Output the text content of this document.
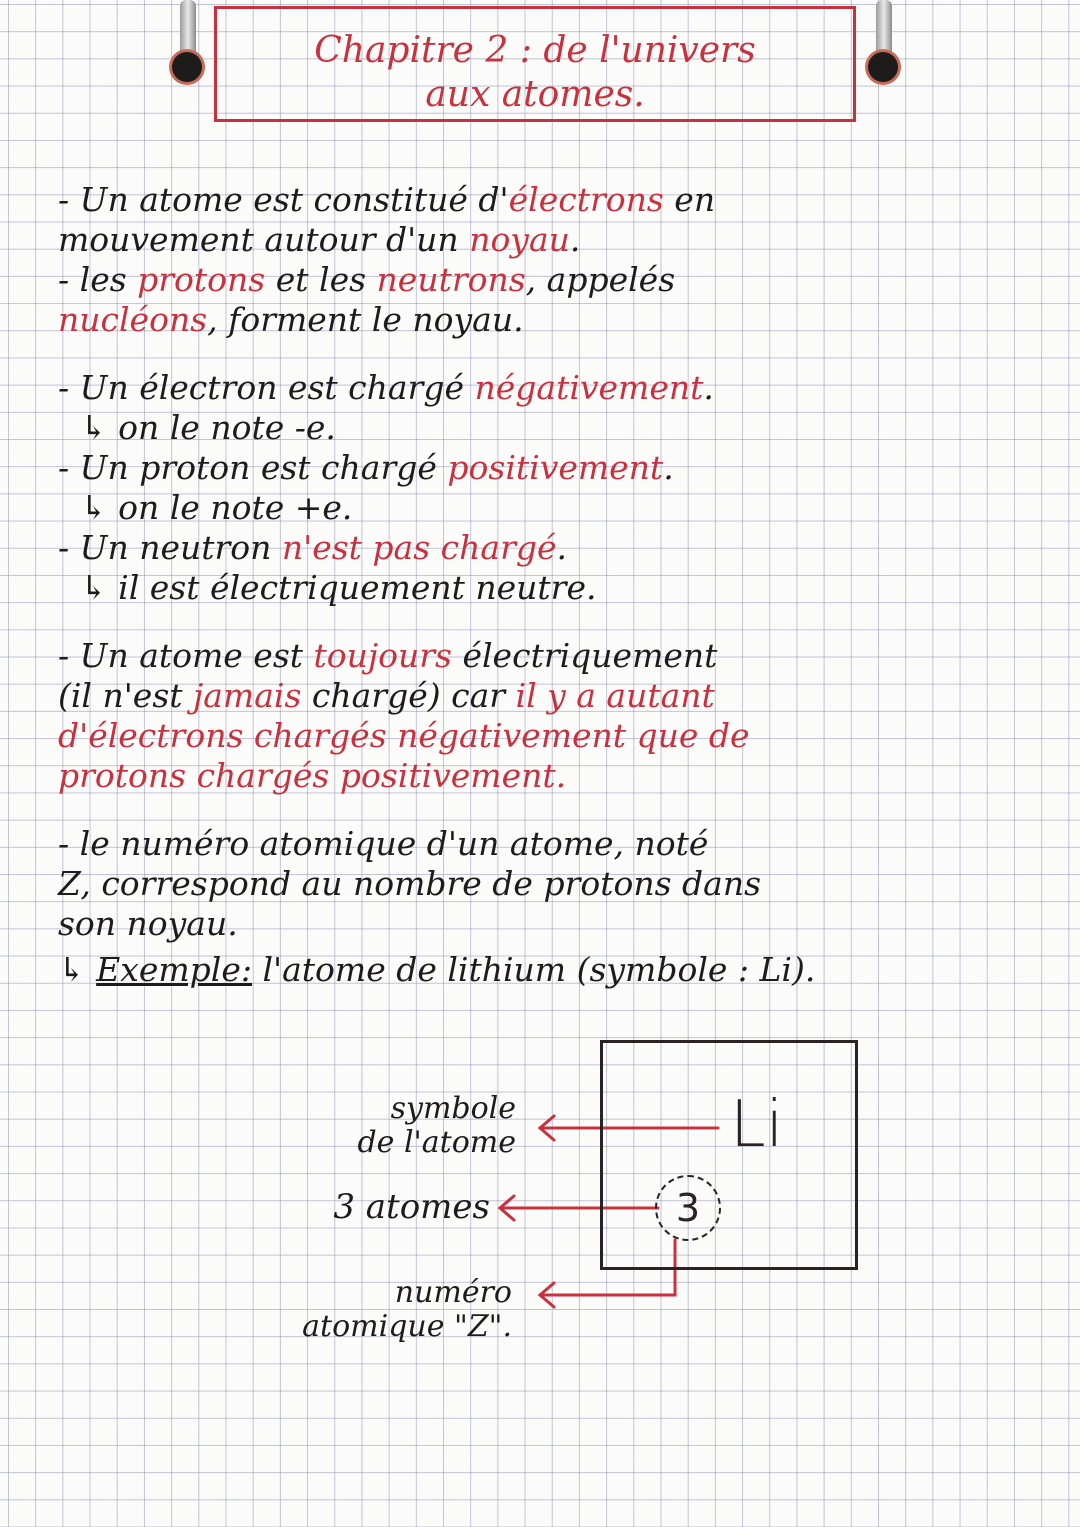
Chapitre 2 : de l'univers
aux atomes.
- Un atome est constitué d'électrons en
mouvement autour d'un noyau.
- les protons et les neutrons, appelés
nucléons, forment le noyau.
- Un électron est chargé négativement.
↳ on le note -e.
- Un proton est chargé positivement.
↳ on le note +e.
- Un neutron n'est pas chargé.
↳ il est électriquement neutre.
- Un atome est toujours électriquement
(il n'est jamais chargé) car il y a autant
d'électrons chargés négativement que de
protons chargés positivement.
- le numéro atomique d'un atome, noté
Z, correspond au nombre de protons dans
son noyau.
↳ Exemple: l'atome de lithium (symbole : Li).
Li
3
symbole
de l'atome
3 atomes
numéro
atomique "Z".
